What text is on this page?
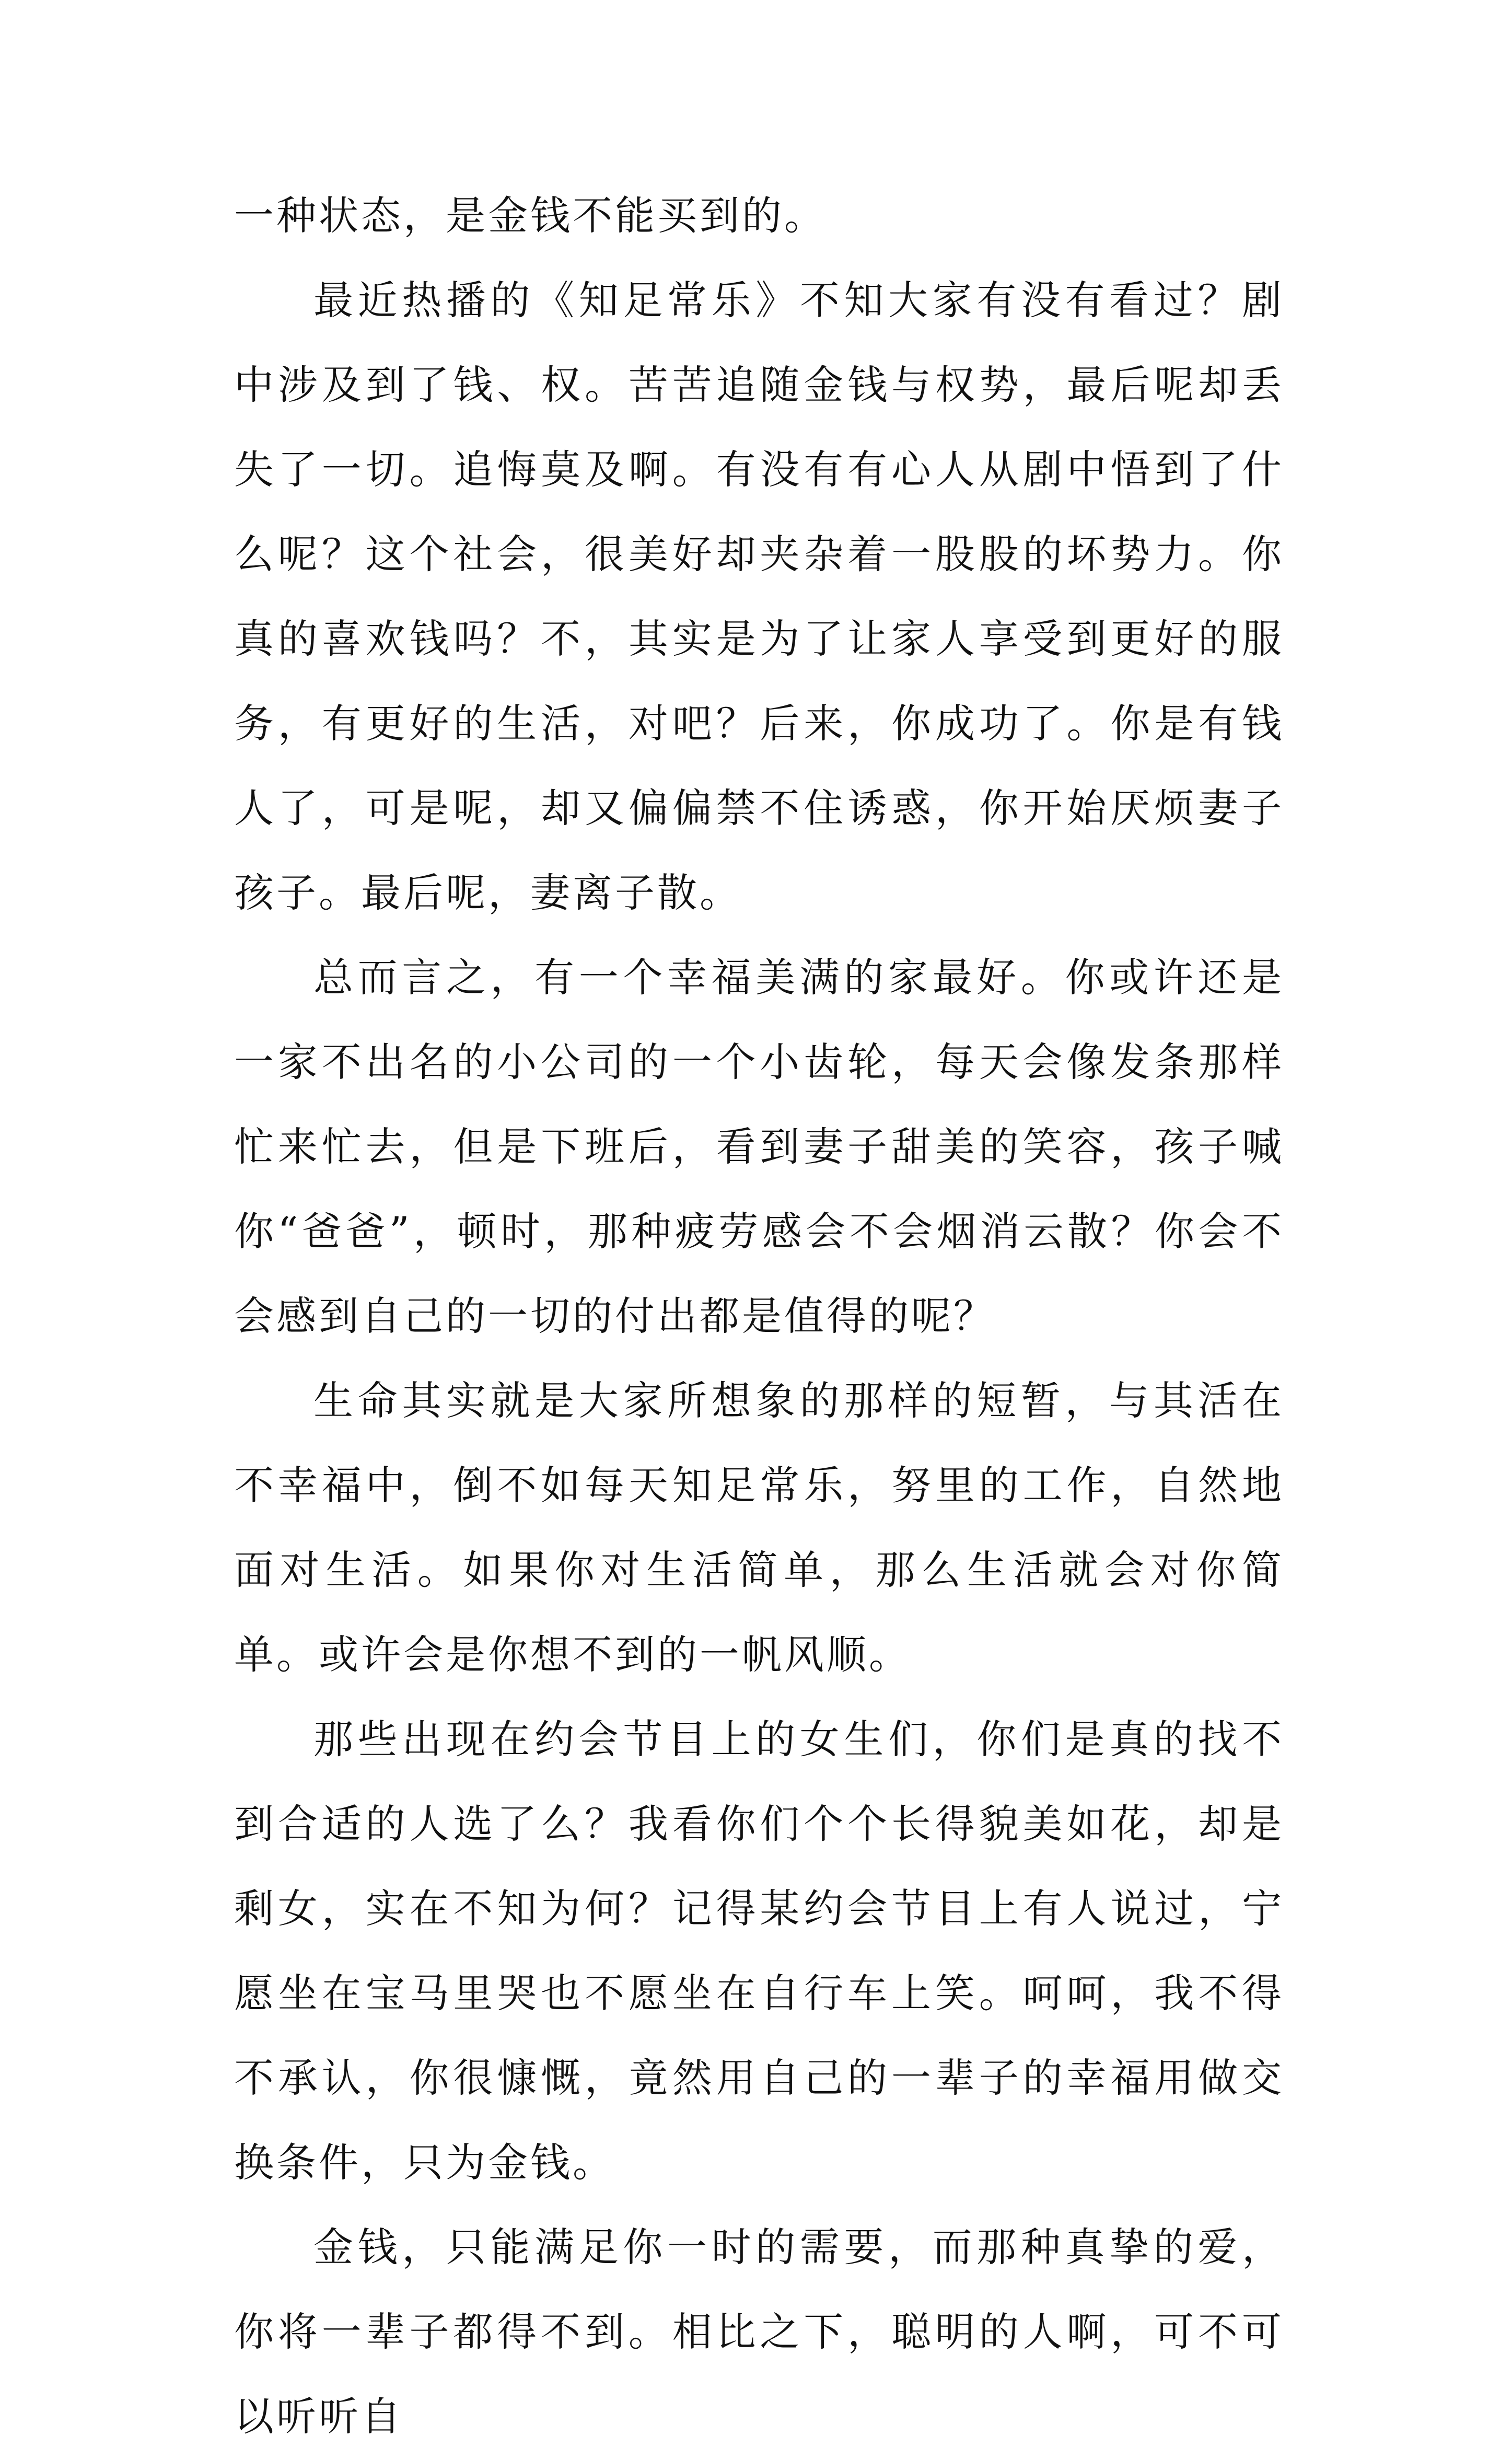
一种状态，是金钱不能买到的。

最近热播的《知足常乐》不知大家有没有看过？剧中涉及到了钱、权。苦苦追随金钱与权势，最后呢却丢失了一切。追悔莫及啊。有没有有心人从剧中悟到了什么呢？这个社会，很美好却夹杂着一股股的坏势力。你真的喜欢钱吗？不，其实是为了让家人享受到更好的服务，有更好的生活，对吧？后来，你成功了。你是有钱人了，可是呢，却又偏偏禁不住诱惑，你开始厌烦妻子孩子。最后呢，妻离子散。

总而言之，有一个幸福美满的家最好。你或许还是一家不出名的小公司的一个小齿轮，每天会像发条那样忙来忙去，但是下班后，看到妻子甜美的笑容，孩子喊你“爸爸”，顿时，那种疲劳感会不会烟消云散？你会不会感到自己的一切的付出都是值得的呢？

生命其实就是大家所想象的那样的短暂，与其活在不幸福中，倒不如每天知足常乐，努里的工作，自然地面对生活。如果你对生活简单，那么生活就会对你简单。或许会是你想不到的一帆风顺。

那些出现在约会节目上的女生们，你们是真的找不到合适的人选了么？我看你们个个长得貌美如花，却是剩女，实在不知为何？记得某约会节目上有人说过，宁愿坐在宝马里哭也不愿坐在自行车上笑。呵呵，我不得不承认，你很慷慨，竟然用自己的一辈子的幸福用做交换条件，只为金钱。

金钱，只能满足你一时的需要，而那种真挚的爱，你将一辈子都得不到。相比之下，聪明的人啊，可不可以听听自
